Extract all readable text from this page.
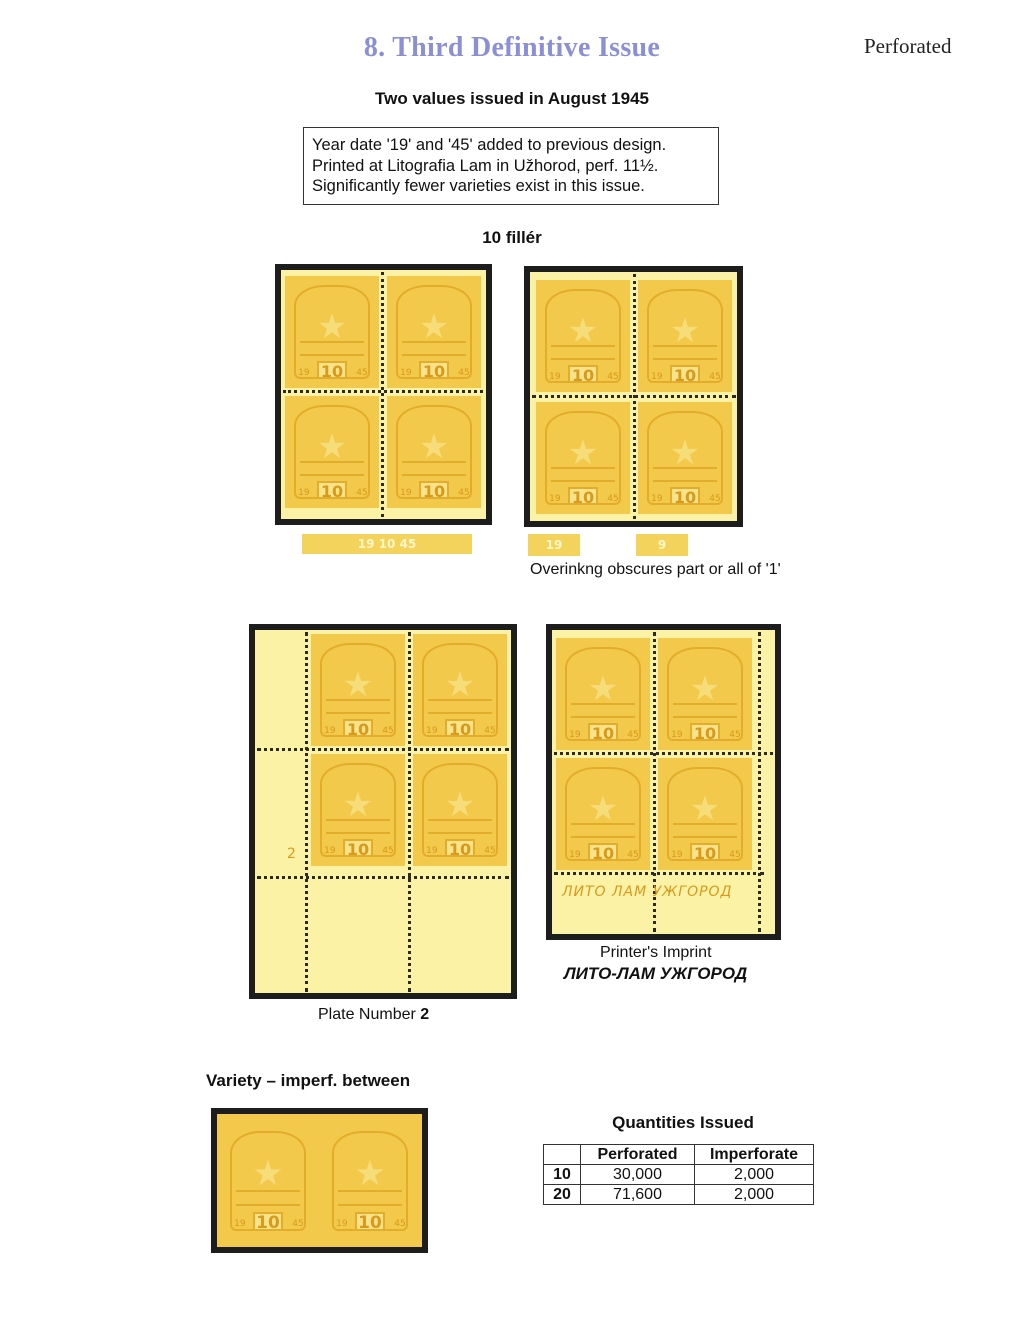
8. Third Definitive Issue	Perforated
Two values issued in August 1945
Year date '19' and '45' added to previous design.
Printed at Litografia Lam in Užhorod, perf. 11½.
Significantly fewer varieties exist in this issue.
10 fillér
★
19 10	45
★
19 10	45
★
19 10	45
★
19 10	45
★
19 10	45
★
19 10	45
★
19 10	45
★
19 10	45
19 10 45	19	9
Overinkng obscures part or all of '1'
★
19 10	45
★
19 10	45
★
19 10	45
★
19 10	45
2
Plate Number 2
★
19 10	45
★
19 10	45
★
19 10	45
★
19 10	45
ЛИТО ЛАМ УЖГОРОД
Printer's Imprint
ЛИТО-ЛАМ УЖГОРОД
Variety – imperf. between
★
19 10	45
★
19 10	45
Quantities Issued
	Perforated	Imperforate
10	30,000	2,000
20	71,600	2,000
